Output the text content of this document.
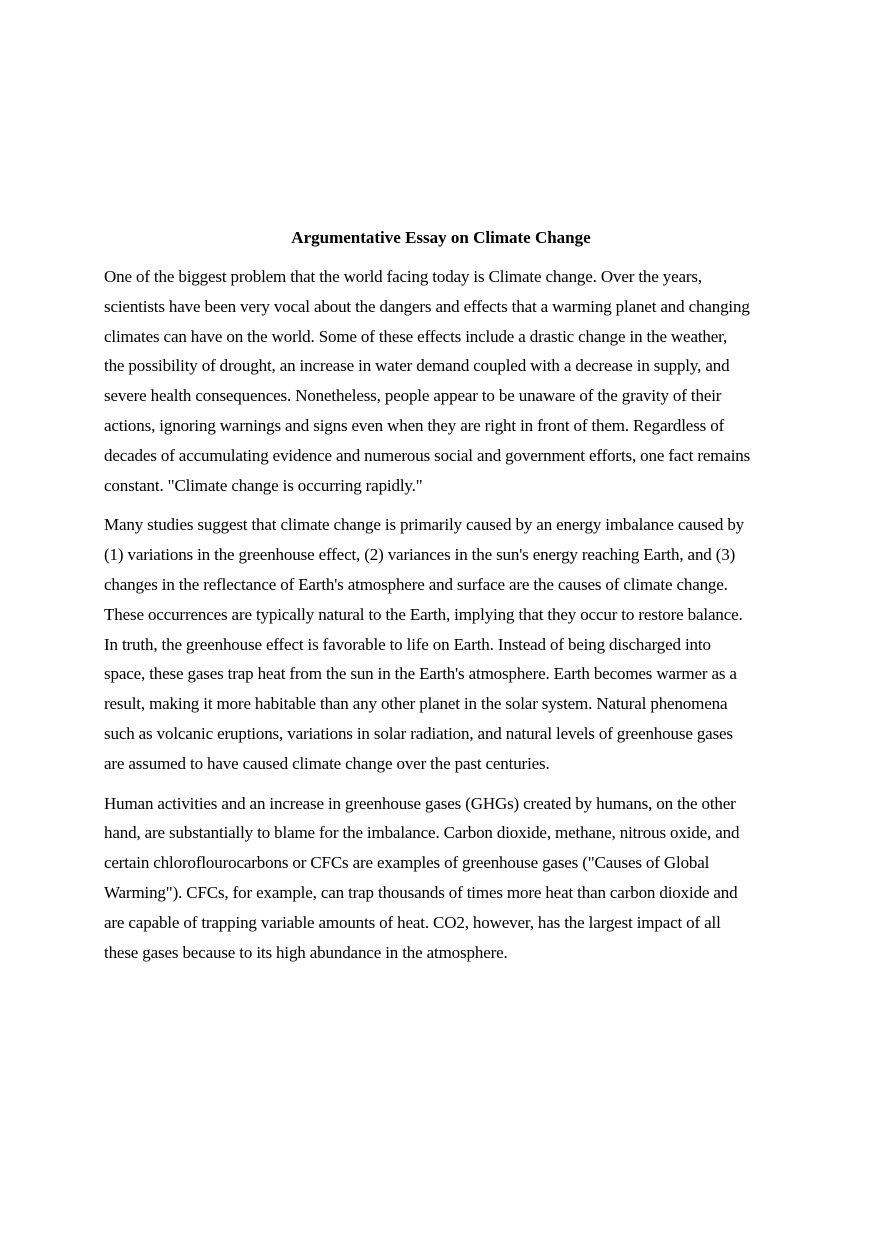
Argumentative Essay on Climate Change

One of the biggest problem that the world facing today is Climate change. Over the years,
scientists have been very vocal about the dangers and effects that a warming planet and changing
climates can have on the world. Some of these effects include a drastic change in the weather,
the possibility of drought, an increase in water demand coupled with a decrease in supply, and
severe health consequences. Nonetheless, people appear to be unaware of the gravity of their
actions, ignoring warnings and signs even when they are right in front of them. Regardless of
decades of accumulating evidence and numerous social and government efforts, one fact remains
constant. "Climate change is occurring rapidly."

Many studies suggest that climate change is primarily caused by an energy imbalance caused by
(1) variations in the greenhouse effect, (2) variances in the sun's energy reaching Earth, and (3)
changes in the reflectance of Earth's atmosphere and surface are the causes of climate change.
These occurrences are typically natural to the Earth, implying that they occur to restore balance.
In truth, the greenhouse effect is favorable to life on Earth. Instead of being discharged into
space, these gases trap heat from the sun in the Earth's atmosphere. Earth becomes warmer as a
result, making it more habitable than any other planet in the solar system. Natural phenomena
such as volcanic eruptions, variations in solar radiation, and natural levels of greenhouse gases
are assumed to have caused climate change over the past centuries.

Human activities and an increase in greenhouse gases (GHGs) created by humans, on the other
hand, are substantially to blame for the imbalance. Carbon dioxide, methane, nitrous oxide, and
certain chloroflourocarbons or CFCs are examples of greenhouse gases ("Causes of Global
Warming"). CFCs, for example, can trap thousands of times more heat than carbon dioxide and
are capable of trapping variable amounts of heat. CO2, however, has the largest impact of all
these gases because to its high abundance in the atmosphere.
